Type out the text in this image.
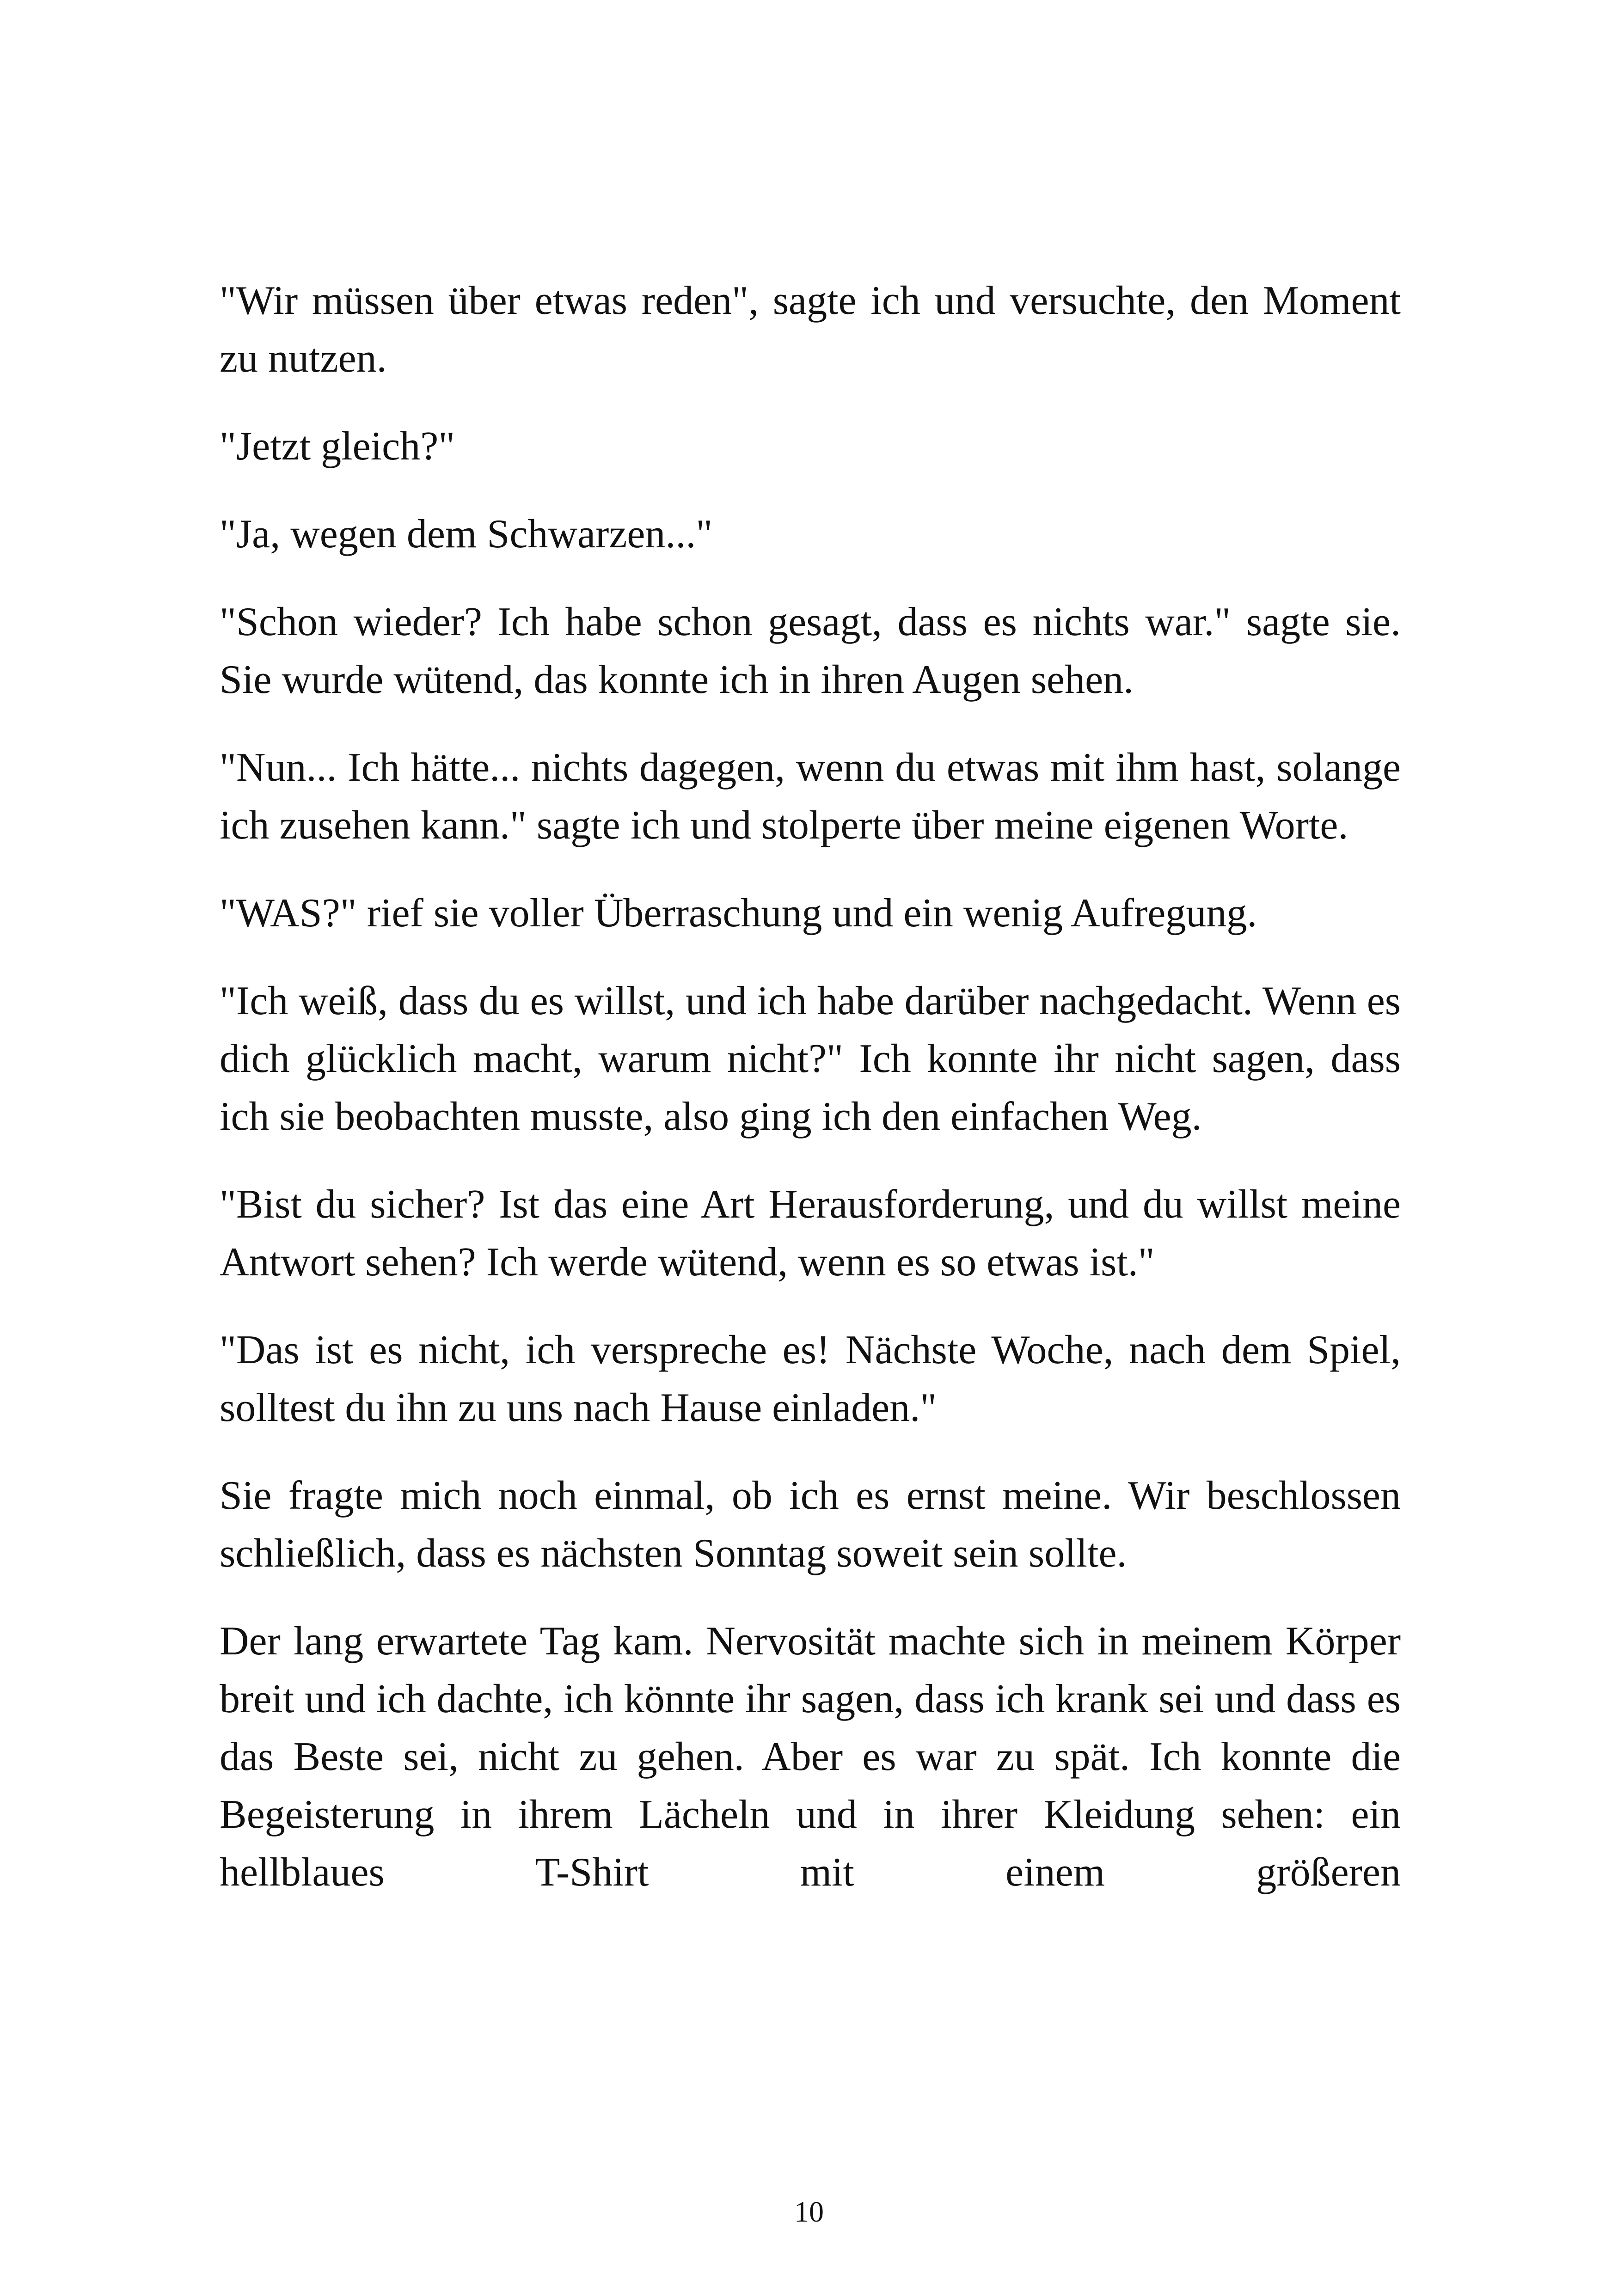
"Wir müssen über etwas reden", sagte ich und versuchte, den Moment zu nutzen.

"Jetzt gleich?"

"Ja, wegen dem Schwarzen..."

"Schon wieder? Ich habe schon gesagt, dass es nichts war." sagte sie. Sie wurde wütend, das konnte ich in ihren Augen sehen.

"Nun... Ich hätte... nichts dagegen, wenn du etwas mit ihm hast, solange ich zusehen kann." sagte ich und stolperte über meine eigenen Worte.

"WAS?" rief sie voller Überraschung und ein wenig Aufregung.

"Ich weiß, dass du es willst, und ich habe darüber nachgedacht. Wenn es dich glücklich macht, warum nicht?" Ich konnte ihr nicht sagen, dass ich sie beobachten musste, also ging ich den einfachen Weg.

"Bist du sicher? Ist das eine Art Herausforderung, und du willst meine Antwort sehen? Ich werde wütend, wenn es so etwas ist."

"Das ist es nicht, ich verspreche es! Nächste Woche, nach dem Spiel, solltest du ihn zu uns nach Hause einladen."

Sie fragte mich noch einmal, ob ich es ernst meine. Wir beschlossen schließlich, dass es nächsten Sonntag soweit sein sollte.

Der lang erwartete Tag kam. Nervosität machte sich in meinem Körper breit und ich dachte, ich könnte ihr sagen, dass ich krank sei und dass es das Beste sei, nicht zu gehen. Aber es war zu spät. Ich konnte die Begeisterung in ihrem Lächeln und in ihrer Kleidung sehen: ein hellblaues T-Shirt mit einem größeren

10
